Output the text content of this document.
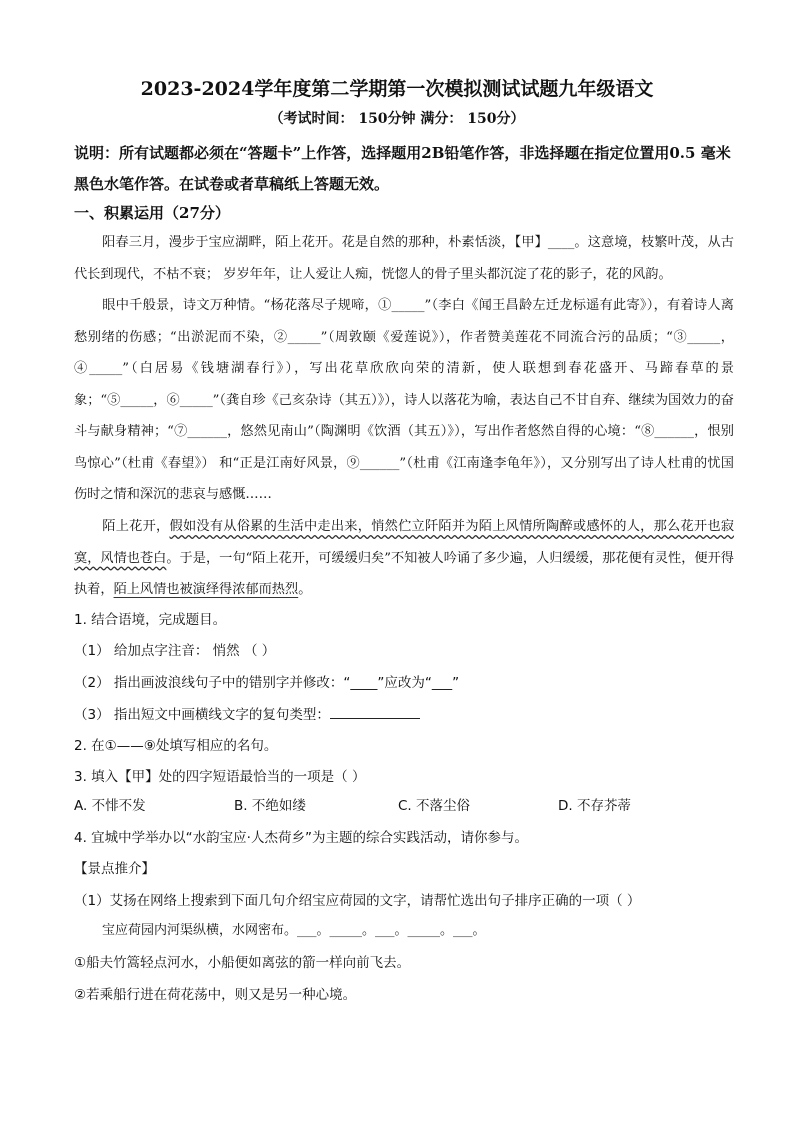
2023-2024学年度第二学期第一次模拟测试试题九年级语文
（考试时间： 150分钟 满分： 150分）
说明：所有试题都必须在“答题卡”上作答，选择题用2B铅笔作答，非选择题在指定位置用0.5 毫米黑色水笔作答。在试卷或者草稿纸上答题无效。
一、积累运用（27分）
阳春三月，漫步于宝应湖畔，陌上花开。花是自然的那种，朴素恬淡，【甲】____。这意境，枝繁叶茂，从古代长到现代，不枯不衰； 岁岁年年，让人爱让人痴，恍惚人的骨子里头都沉淀了花的影子，花的风韵。
眼中千般景，诗文万种情。“杨花落尽子规啼，①_____”（李白《闻王昌龄左迁龙标遥有此寄》），有着诗人离愁别绪的伤感；“出淤泥而不染，②_____”（周敦颐《爱莲说》），作者赞美莲花不同流合污的品质；“③_____，④_____”（白居易《钱塘湖春行》），写出花草欣欣向荣的清新，使人联想到春花盛开、马蹄春草的景象；“⑤_____，⑥_____”（龚自珍《己亥杂诗（其五）》），诗人以落花为喻，表达自己不甘自弃、继续为国效力的奋斗与献身精神；“⑦______，悠然见南山”（陶渊明《饮酒（其五）》），写出作者悠然自得的心境：“⑧______，恨别鸟惊心”（杜甫《春望》） 和“正是江南好风景，⑨______”（杜甫《江南逢李龟年》），又分别写出了诗人杜甫的忧国伤时之情和深沉的悲哀与感慨……
陌上花开，假如没有从俗累的生活中走出来，悄然伫立阡陌并为陌上风情所陶醉或感怀的人，那么花开也寂寞，风情也苍白。于是，一句“陌上花开，可缓缓归矣”不知被人吟诵了多少遍，人归缓缓，那花便有灵性，便开得执着，陌上风情也被演绎得浓郁而热烈。
1. 结合语境，完成题目。
（1） 给加点字注音： 悄然 （ ）
（2） 指出画波浪线句子中的错别字并修改：“____”应改为“___”
（3） 指出短文中画横线文字的复句类型：
2. 在①——⑨处填写相应的名句。
3. 填入【甲】处的四字短语最恰当的一项是（ ）
A. 不悱不发	B. 不绝如缕	C. 不落尘俗	D. 不存芥蒂
4. 宜城中学举办以“水韵宝应·人杰荷乡”为主题的综合实践活动，请你参与。
【景点推介】
（1）艾扬在网络上搜索到下面几句介绍宝应荷园的文字，请帮忙选出句子排序正确的一项（ ）
宝应荷园内河渠纵横，水网密布。___。_____。___。_____。___。
①船夫竹篙轻点河水，小船便如离弦的箭一样向前飞去。
②若乘船行进在荷花荡中，则又是另一种心境。
